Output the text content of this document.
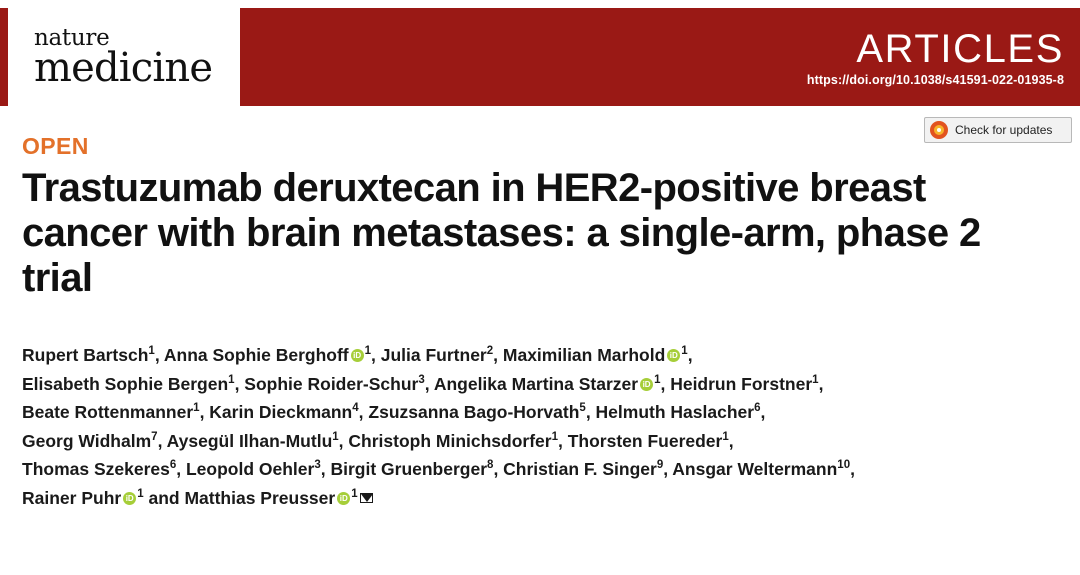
nature
medicine	ARTICLES
https://doi.org/10.1038/s41591-022-01935-8
Check for updates
OPEN
Trastuzumab deruxtecan in HER2-positive breast cancer with brain metastases: a single-arm, phase 2 trial
Rupert Bartsch$^1$, Anna Sophie Berghoff iD $^1$, Julia Furtner$^2$, Maximilian Marhold iD $^1$,
Elisabeth Sophie Bergen$^1$, Sophie Roider-Schur$^3$, Angelika Martina Starzer iD $^1$, Heidrun Forstner$^1$,
Beate Rottenmanner$^1$, Karin Dieckmann$^4$, Zsuzsanna Bago-Horvath$^5$, Helmuth Haslacher$^6$,
Georg Widhalm$^7$, Aysegül Ilhan-Mutlu$^1$, Christoph Minichsdorfer$^1$, Thorsten Fuereder$^1$,
Thomas Szekeres$^6$, Leopold Oehler$^3$, Birgit Gruenberger$^8$, Christian F. Singer$^9$, Ansgar Weltermann$^{10}$,
Rainer Puhr iD $^1$ and Matthias Preusser iD $^1$
